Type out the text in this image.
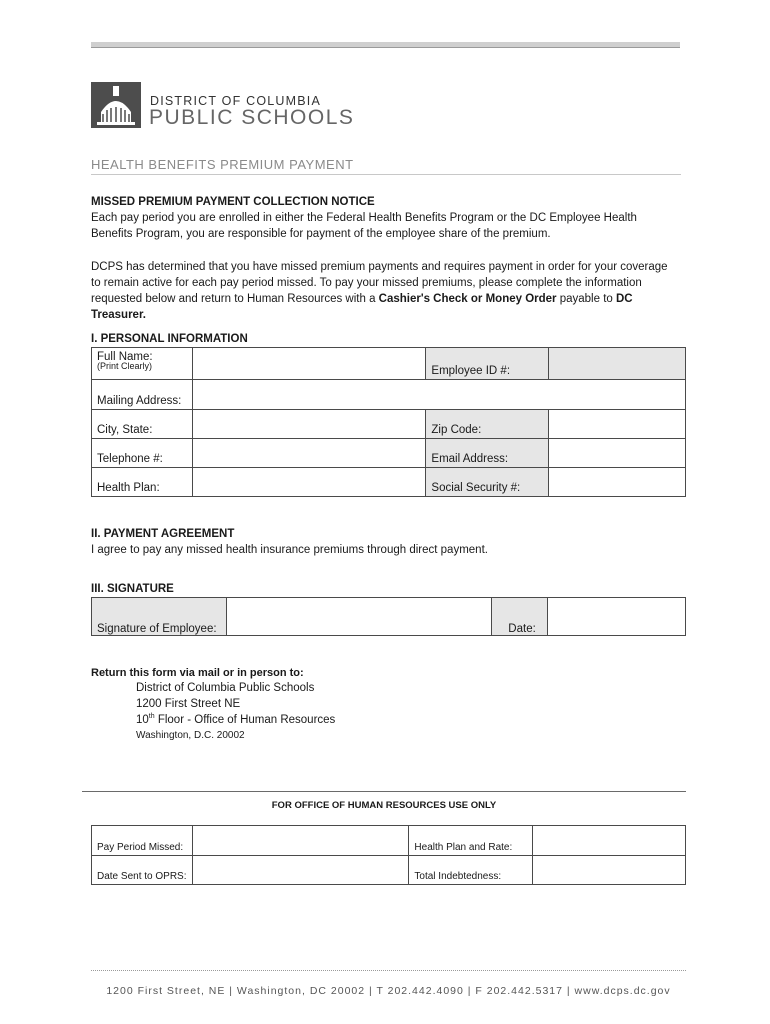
DISTRICT OF COLUMBIA
PUBLIC SCHOOLS
HEALTH BENEFITS PREMIUM PAYMENT
MISSED PREMIUM PAYMENT COLLECTION NOTICE
Each pay period you are enrolled in either the Federal Health Benefits Program or the DC Employee Health
Benefits Program, you are responsible for payment of the employee share of the premium.
DCPS has determined that you have missed premium payments and requires payment in order for your coverage
to remain active for each pay period missed. To pay your missed premiums, please complete the information
requested below and return to Human Resources with a Cashier's Check or Money Order payable to DC Treasurer.
I. PERSONAL INFORMATION
Full Name:
(Print Clearly)		Employee ID #:	
Mailing Address:			
City, State:		Zip Code:	
Telephone #:		Email Address:	
Health Plan:		Social Security #:	
II. PAYMENT AGREEMENT
I agree to pay any missed health insurance premiums through direct payment.
III. SIGNATURE
Signature of Employee:		Date:	
Return this form via mail or in person to:
District of Columbia Public Schools
1200 First Street NE
10th Floor - Office of Human Resources
Washington, D.C. 20002
FOR OFFICE OF HUMAN RESOURCES USE ONLY
Pay Period Missed:		Health Plan and Rate:	
Date Sent to OPRS:		Total Indebtedness:	
1200 First Street, NE | Washington, DC 20002 | T 202.442.4090 | F 202.442.5317 | www.dcps.dc.gov
